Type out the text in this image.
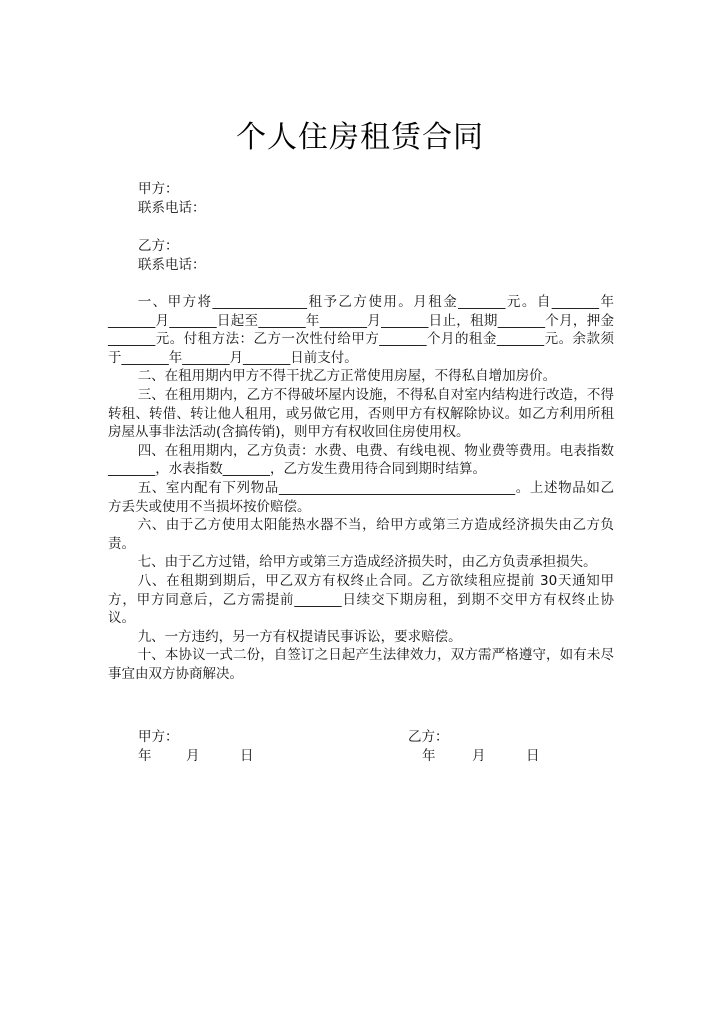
个人住房租赁合同
甲方：
联系电话：
乙方：
联系电话：

一、甲方将______________租予乙方使用。月租金_______元。自_______年_______月_______日起至_______年_______月_______日止，租期_______个月，押金_______元。付租方法：乙方一次性付给甲方_______个月的租金_______元。余款须于_______年_______月_______日前支付。

二、在租用期内甲方不得干扰乙方正常使用房屋，不得私自增加房价。

三、在租用期内，乙方不得破坏屋内设施，不得私自对室内结构进行改造，不得转租、转借、转让他人租用，或另做它用，否则甲方有权解除协议。如乙方利用所租房屋从事非法活动(含搞传销)，则甲方有权收回住房使用权。

四、在租用期内，乙方负责：水费、电费、有线电视、物业费等费用。电表指数_______，水表指数_______，乙方发生费用待合同到期时结算。

五、室内配有下列物品___________________________________。上述物品如乙方丢失或使用不当损坏按价赔偿。

六、由于乙方使用太阳能热水器不当，给甲方或第三方造成经济损失由乙方负责。

七、由于乙方过错，给甲方或第三方造成经济损失时，由乙方负责承担损失。

八、在租期到期后，甲乙双方有权终止合同。乙方欲续租应提前 30天通知甲方，甲方同意后，乙方需提前_______日续交下期房租，到期不交甲方有权终止协议。

九、一方违约，另一方有权提请民事诉讼，要求赔偿。

十、本协议一式二份，自签订之日起产生法律效力，双方需严格遵守，如有未尽事宜由双方协商解决。

甲方：
年	月	日
乙方：
年	月	日
